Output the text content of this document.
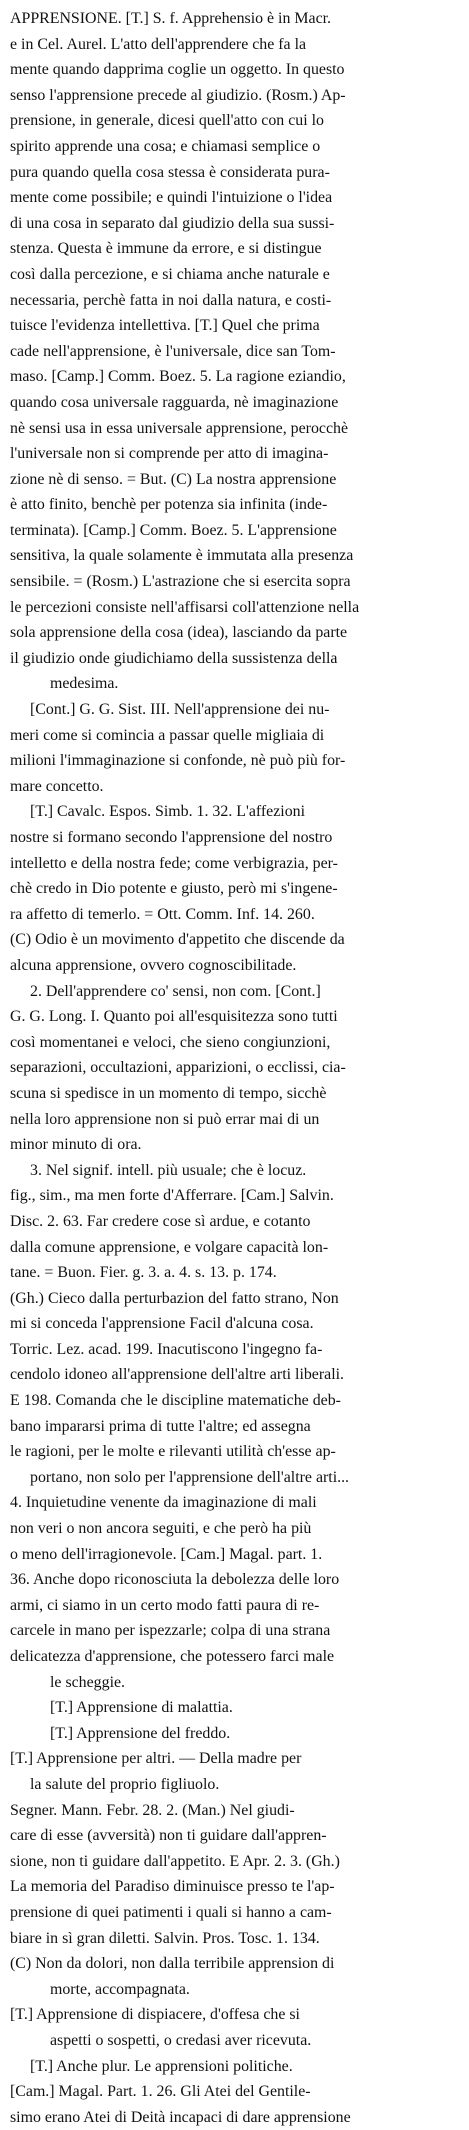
APPRENSIONE. [T.] S. f. Apprehensio è in Macr.
e in Cel. Aurel. L'atto dell'apprendere che fa la
mente quando dapprima coglie un oggetto. In questo
senso l'apprensione precede al giudizio. (Rosm.) Ap-
prensione, in generale, dicesi quell'atto con cui lo
spirito apprende una cosa; e chiamasi semplice o
pura quando quella cosa stessa è considerata pura-
mente come possibile; e quindi l'intuizione o l'idea
di una cosa in separato dal giudizio della sua sussi-
stenza. Questa è immune da errore, e si distingue
così dalla percezione, e si chiama anche naturale e
necessaria, perchè fatta in noi dalla natura, e costi-
tuisce l'evidenza intellettiva. [T.] Quel che prima
cade nell'apprensione, è l'universale, dice san Tom-
maso. [Camp.] Comm. Boez. 5. La ragione eziandio,
quando cosa universale ragguarda, nè imaginazione
nè sensi usa in essa universale apprensione, perocchè
l'universale non si comprende per atto di imagina-
zione nè di senso. = But. (C) La nostra apprensione
è atto finito, benchè per potenza sia infinita (inde-
terminata). [Camp.] Comm. Boez. 5. L'apprensione
sensitiva, la quale solamente è immutata alla presenza
sensibile. = (Rosm.) L'astrazione che si esercita sopra
le percezioni consiste nell'affisarsi coll'attenzione nella
sola apprensione della cosa (idea), lasciando da parte
il giudizio onde giudichiamo della sussistenza della
medesima.
[Cont.] G. G. Sist. III. Nell'apprensione dei nu-
meri come si comincia a passar quelle migliaia di
milioni l'immaginazione si confonde, nè può più for-
mare concetto.
[T.] Cavalc. Espos. Simb. 1. 32. L'affezioni
nostre si formano secondo l'apprensione del nostro
intelletto e della nostra fede; come verbigrazia, per-
chè credo in Dio potente e giusto, però mi s'ingene-
ra affetto di temerlo. = Ott. Comm. Inf. 14. 260.
(C) Odio è un movimento d'appetito che discende da
alcuna apprensione, ovvero cognoscibilitade.
2. Dell'apprendere co' sensi, non com. [Cont.]
G. G. Long. I. Quanto poi all'esquisitezza sono tutti
così momentanei e veloci, che sieno congiunzioni,
separazioni, occultazioni, apparizioni, o ecclissi, cia-
scuna si spedisce in un momento di tempo, sicchè
nella loro apprensione non si può errar mai di un
minor minuto di ora.
3. Nel signif. intell. più usuale; che è locuz.
fig., sim., ma men forte d'Afferrare. [Cam.] Salvin.
Disc. 2. 63. Far credere cose sì ardue, e cotanto
dalla comune apprensione, e volgare capacità lon-
tane. = Buon. Fier. g. 3. a. 4. s. 13. p. 174.
(Gh.) Cieco dalla perturbazion del fatto strano, Non
mi si conceda l'apprensione Facil d'alcuna cosa.
Torric. Lez. acad. 199. Inacutiscono l'ingegno fa-
cendolo idoneo all'apprensione dell'altre arti liberali.
E 198. Comanda che le discipline matematiche deb-
bano impararsi prima di tutte l'altre; ed assegna
le ragioni, per le molte e rilevanti utilità ch'esse ap-
portano, non solo per l'apprensione dell'altre arti...
4. Inquietudine venente da imaginazione di mali
non veri o non ancora seguiti, e che però ha più
o meno dell'irragionevole. [Cam.] Magal. part. 1.
36. Anche dopo riconosciuta la debolezza delle loro
armi, ci siamo in un certo modo fatti paura di re-
carcele in mano per ispezzarle; colpa di una strana
delicatezza d'apprensione, che potessero farci male
le scheggie.
[T.] Apprensione di malattia.
[T.] Apprensione del freddo.
[T.] Apprensione per altri. — Della madre per
la salute del proprio figliuolo.
Segner. Mann. Febr. 28. 2. (Man.) Nel giudi-
care di esse (avversità) non ti guidare dall'appren-
sione, non ti guidare dall'appetito. E Apr. 2. 3. (Gh.)
La memoria del Paradiso diminuisce presso te l'ap-
prensione di quei patimenti i quali si hanno a cam-
biare in sì gran diletti. Salvin. Pros. Tosc. 1. 134.
(C) Non da dolori, non dalla terribile apprension di
morte, accompagnata.
[T.] Apprensione di dispiacere, d'offesa che si
aspetti o sospetti, o credasi aver ricevuta.
[T.] Anche plur. Le apprensioni politiche.
[Cam.] Magal. Part. 1. 26. Gli Atei del Gentile-
simo erano Atei di Deità incapaci di dare apprensione
